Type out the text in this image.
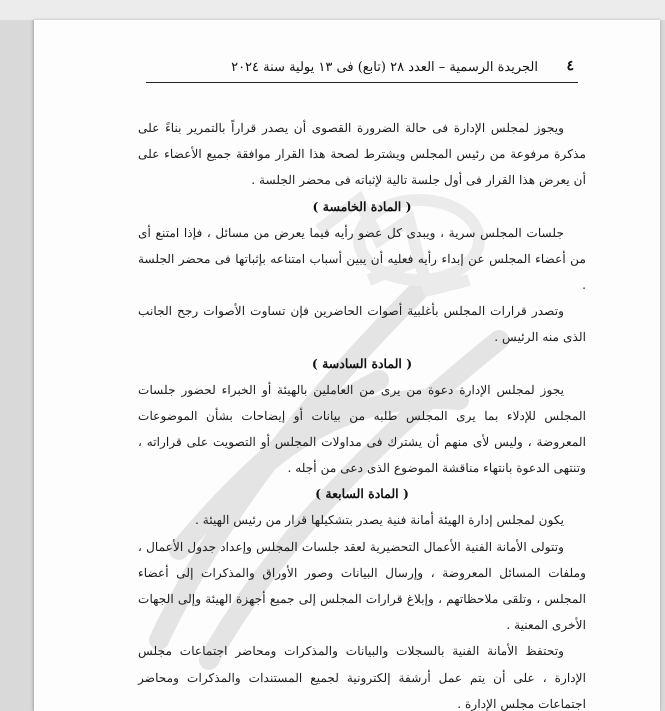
٤
الجريدة الرسمية – العدد ٢٨ (تابع) فى ١٣ يولية سنة ٢٠٢٤

ويجوز لمجلس الإدارة فى حالة الضرورة القصوى أن يصدر قراراً بالتمرير بناءً على مذكرة مرفوعة من رئيس المجلس ويشترط لصحة هذا القرار موافقة جميع الأعضاء على أن يعرض هذا القرار فى أول جلسة تالية لإثباته فى محضر الجلسة .

( المادة الخامسة )

جلسات المجلس سرية ، ويبدى كل عضو رأيه فيما يعرض من مسائل ، فإذا امتنع أى من أعضاء المجلس عن إبداء رأيه فعليه أن يبين أسباب امتناعه بإثباتها فى محضر الجلسة .

وتصدر قرارات المجلس بأغلبية أصوات الحاضرين فإن تساوت الأصوات رجح الجانب الذى منه الرئيس .

( المادة السادسة )

يجوز لمجلس الإدارة دعوة من يرى من العاملين بالهيئة أو الخبراء لحضور جلسات المجلس للإدلاء بما يرى المجلس طلبه من بيانات أو إيضاحات بشأن الموضوعات المعروضة ، وليس لأى منهم أن يشترك فى مداولات المجلس أو التصويت على قراراته ، وتنتهى الدعوة بانتهاء مناقشة الموضوع الذى دعى من أجله .

( المادة السابعة )

يكون لمجلس إدارة الهيئة أمانة فنية يصدر بتشكيلها قرار من رئيس الهيئة .

وتتولى الأمانة الفنية الأعمال التحضيرية لعقد جلسات المجلس وإعداد جدول الأعمال ، وملفات المسائل المعروضة ، وإرسال البيانات وصور الأوراق والمذكرات إلى أعضاء المجلس ، وتلقى ملاحظاتهم ، وإبلاغ قرارات المجلس إلى جميع أجهزة الهيئة وإلى الجهات الأخرى المعنية .

وتحتفظ الأمانة الفنية بالسجلات والبيانات والمذكرات ومحاضر اجتماعات مجلس الإدارة ، على أن يتم عمل أرشفة إلكترونية لجميع المستندات والمذكرات ومحاضر اجتماعات مجلس الإدارة .
